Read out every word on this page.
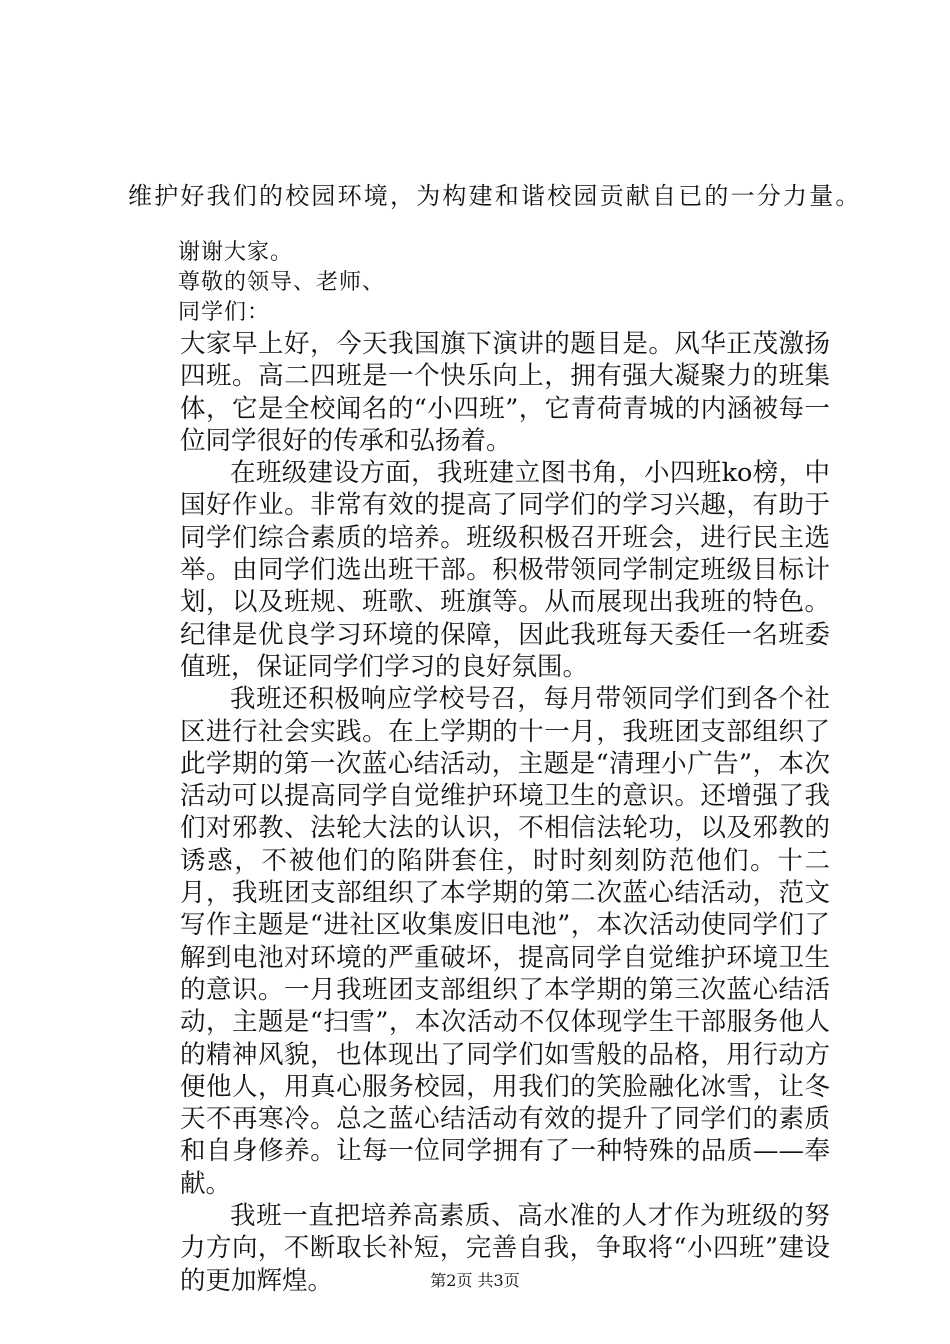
维护好我们的校园环境，为构建和谐校园贡献自已的一分力量。
谢谢大家。
尊敬的领导、老师、
同学们：

大家早上好，今天我国旗下演讲的题目是。风华正茂激扬四班。高二四班是一个快乐向上，拥有强大凝聚力的班集体，它是全校闻名的“小四班”，它青荷青城的内涵被每一位同学很好的传承和弘扬着。

在班级建设方面，我班建立图书角，小四班ko榜，中国好作业。非常有效的提高了同学们的学习兴趣，有助于同学们综合素质的培养。班级积极召开班会，进行民主选举。由同学们选出班干部。积极带领同学制定班级目标计划，以及班规、班歌、班旗等。从而展现出我班的特色。纪律是优良学习环境的保障，因此我班每天委任一名班委值班，保证同学们学习的良好氛围。

我班还积极响应学校号召，每月带领同学们到各个社区进行社会实践。在上学期的十一月，我班团支部组织了此学期的第一次蓝心结活动，主题是“清理小广告”，本次活动可以提高同学自觉维护环境卫生的意识。还增强了我们对邪教、法轮大法的认识，不相信法轮功，以及邪教的诱惑，不被他们的陷阱套住，时时刻刻防范他们。十二月，我班团支部组织了本学期的第二次蓝心结活动，范文写作主题是“进社区收集废旧电池”，本次活动使同学们了解到电池对环境的严重破坏，提高同学自觉维护环境卫生的意识。一月我班团支部组织了本学期的第三次蓝心结活动，主题是“扫雪”，本次活动不仅体现学生干部服务他人的精神风貌，也体现出了同学们如雪般的品格，用行动方便他人，用真心服务校园，用我们的笑脸融化冰雪，让冬天不再寒冷。总之蓝心结活动有效的提升了同学们的素质和自身修养。让每一位同学拥有了一种特殊的品质——奉献。

我班一直把培养高素质、高水准的人才作为班级的努力方向，不断取长补短，完善自我，争取将“小四班”建设的更加辉煌。	第2页 共3页
